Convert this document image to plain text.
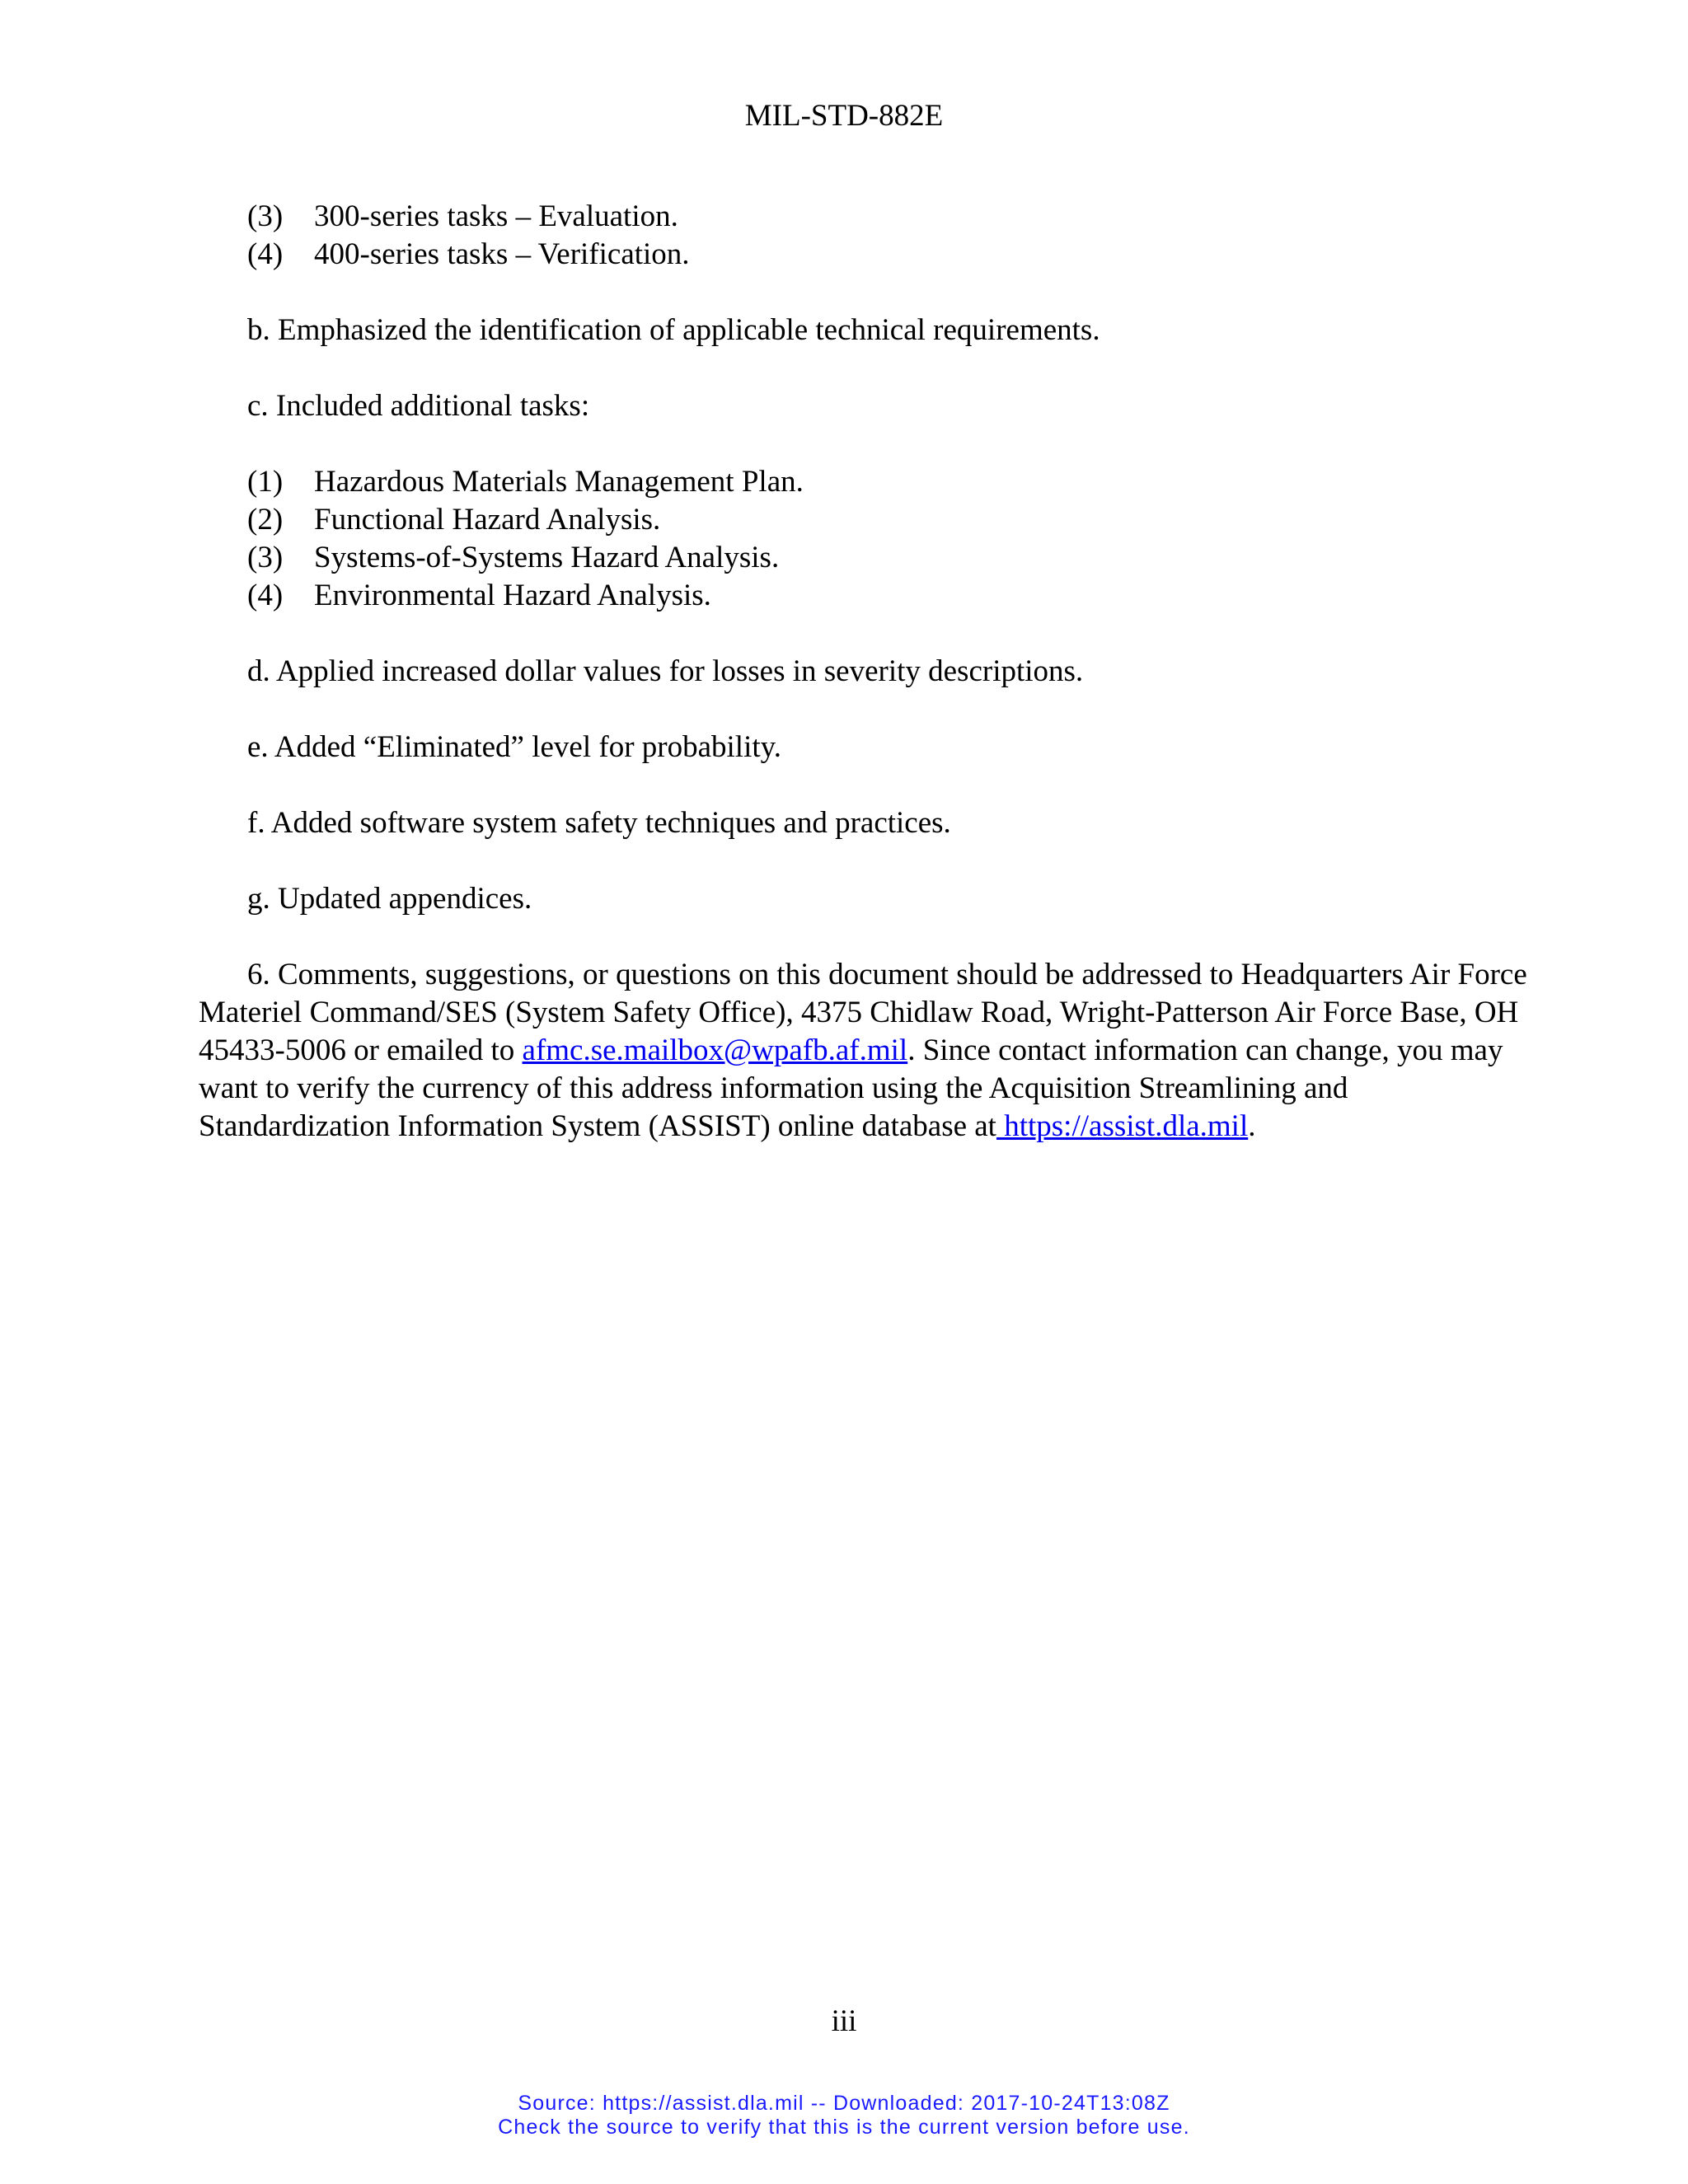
MIL-STD-882E
(3) 300-series tasks – Evaluation.
(4) 400-series tasks – Verification.
b. Emphasized the identification of applicable technical requirements.
c. Included additional tasks:
(1) Hazardous Materials Management Plan.
(2) Functional Hazard Analysis.
(3) Systems-of-Systems Hazard Analysis.
(4) Environmental Hazard Analysis.
d. Applied increased dollar values for losses in severity descriptions.
e. Added “Eliminated” level for probability.
f. Added software system safety techniques and practices.
g. Updated appendices.
6. Comments, suggestions, or questions on this document should be addressed to Headquarters Air Force Materiel Command/SES (System Safety Office), 4375 Chidlaw Road, Wright-Patterson Air Force Base, OH 45433-5006 or emailed to afmc.se.mailbox@wpafb.af.mil. Since contact information can change, you may want to verify the currency of this address information using the Acquisition Streamlining and Standardization Information System (ASSIST) online database at https://assist.dla.mil.
iii
Source: https://assist.dla.mil -- Downloaded: 2017-10-24T13:08Z
Check the source to verify that this is the current version before use.
